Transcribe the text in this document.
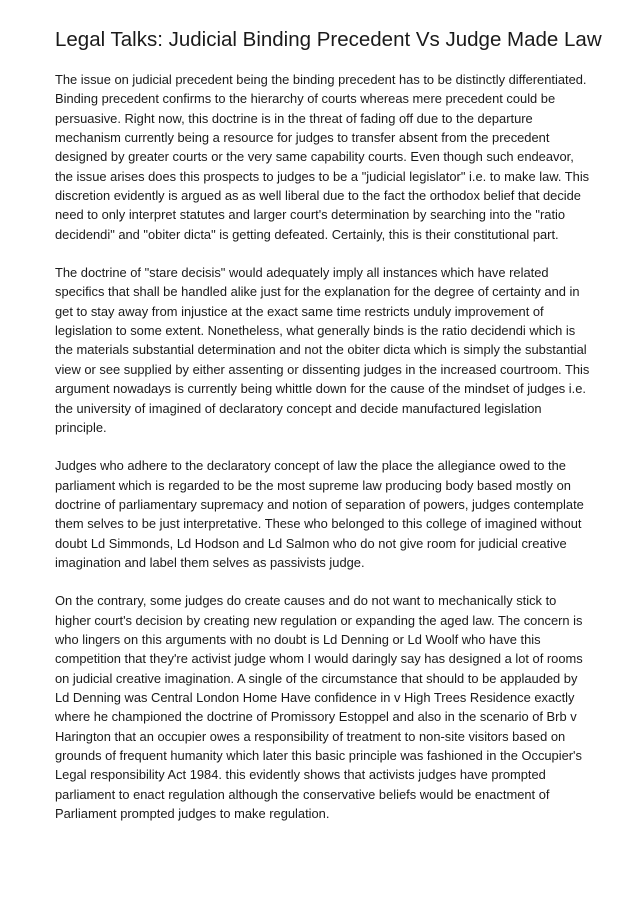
Legal Talks: Judicial Binding Precedent Vs Judge Made Law

The issue on judicial precedent being the binding precedent has to be distinctly differentiated. Binding precedent confirms to the hierarchy of courts whereas mere precedent could be persuasive. Right now, this doctrine is in the threat of fading off due to the departure mechanism currently being a resource for judges to transfer absent from the precedent designed by greater courts or the very same capability courts. Even though such endeavor, the issue arises does this prospects to judges to be a "judicial legislator" i.e. to make law. This discretion evidently is argued as as well liberal due to the fact the orthodox belief that decide need to only interpret statutes and larger court's determination by searching into the "ratio decidendi" and "obiter dicta" is getting defeated. Certainly, this is their constitutional part.

The doctrine of "stare decisis" would adequately imply all instances which have related specifics that shall be handled alike just for the explanation for the degree of certainty and in get to stay away from injustice at the exact same time restricts unduly improvement of legislation to some extent. Nonetheless, what generally binds is the ratio decidendi which is the materials substantial determination and not the obiter dicta which is simply the substantial view or see supplied by either assenting or dissenting judges in the increased courtroom. This argument nowadays is currently being whittle down for the cause of the mindset of judges i.e. the university of imagined of declaratory concept and decide manufactured legislation principle.

Judges who adhere to the declaratory concept of law the place the allegiance owed to the parliament which is regarded to be the most supreme law producing body based mostly on doctrine of parliamentary supremacy and notion of separation of powers, judges contemplate them selves to be just interpretative. These who belonged to this college of imagined without doubt Ld Simmonds, Ld Hodson and Ld Salmon who do not give room for judicial creative imagination and label them selves as passivists judge.

On the contrary, some judges do create causes and do not want to mechanically stick to higher court's decision by creating new regulation or expanding the aged law. The concern is who lingers on this arguments with no doubt is Ld Denning or Ld Woolf who have this competition that they're activist judge whom I would daringly say has designed a lot of rooms on judicial creative imagination. A single of the circumstance that should to be applauded by Ld Denning was Central London Home Have confidence in v High Trees Residence exactly where he championed the doctrine of Promissory Estoppel and also in the scenario of Brb v Harington that an occupier owes a responsibility of treatment to non-site visitors based on grounds of frequent humanity which later this basic principle was fashioned in the Occupier's Legal responsibility Act 1984. this evidently shows that activists judges have prompted parliament to enact regulation although the conservative beliefs would be enactment of Parliament prompted judges to make regulation.
